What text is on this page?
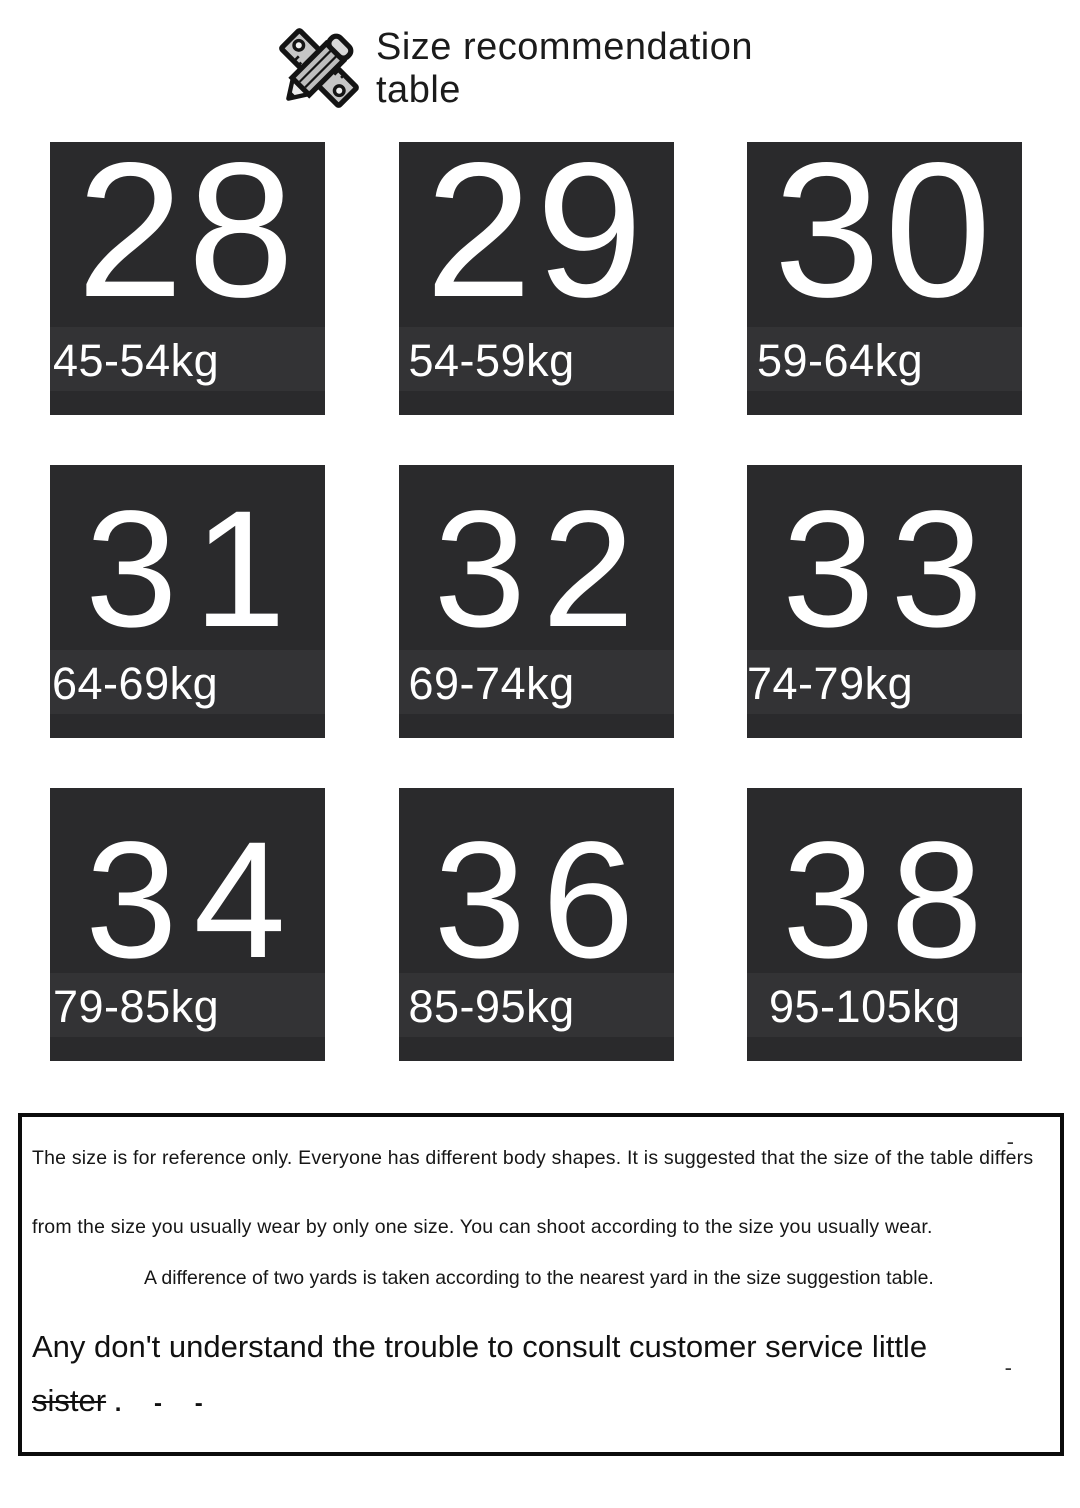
Size recommendation
table
28
45-54kg
29
54-59kg
30
59-64kg
31
64-69kg
32
69-74kg
33
74-79kg
34
79-85kg
36
85-95kg
38
95-105kg
-
The size is for reference only. Everyone has different body shapes. It is suggested that the size of the table differs
from the size you usually wear by only one size. You can shoot according to the size you usually wear.
A difference of two yards is taken according to the nearest yard in the size suggestion table.
Any don't understand the trouble to consult customer service little
sister . - -
-
